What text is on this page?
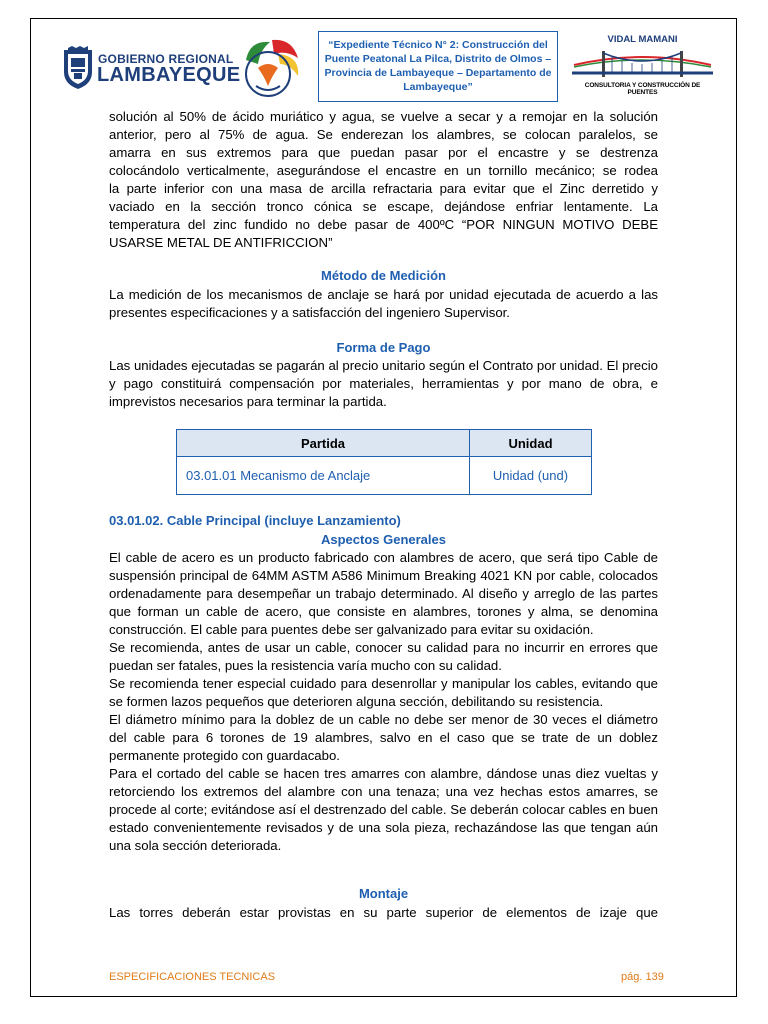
GOBIERNO REGIONAL
LAMBAYEQUE
“Expediente Técnico N° 2: Construcción del Puente Peatonal La Pilca, Distrito de Olmos – Provincia de Lambayeque – Departamento de Lambayeque”
VIDAL MAMANI
CONSULTORIA Y CONSTRUCCIÓN DE PUENTES
solución al 50% de ácido muriático y agua, se vuelve a secar y a remojar en la solución
anterior, pero al 75% de agua. Se enderezan los alambres, se colocan paralelos, se
amarra en sus extremos para que puedan pasar por el encastre y se destrenza
colocándolo verticalmente, asegurándose el encastre en un tornillo mecánico; se rodea
la parte inferior con una masa de arcilla refractaria para evitar que el Zinc derretido y
vaciado en la sección tronco cónica se escape, dejándose enfriar lentamente. La
temperatura del zinc fundido no debe pasar de 400ºC “POR NINGUN MOTIVO DEBE
USARSE METAL DE ANTIFRICCION”
Método de Medición
La medición de los mecanismos de anclaje se hará por unidad ejecutada de acuerdo a las presentes especificaciones y a satisfacción del ingeniero Supervisor.
Forma de Pago
Las unidades ejecutadas se pagarán al precio unitario según el Contrato por unidad. El precio y pago constituirá compensación por materiales, herramientas y por mano de obra, e imprevistos necesarios para terminar la partida.
Partida	Unidad
03.01.01 Mecanismo de Anclaje	Unidad (und)
03.01.02. Cable Principal (incluye Lanzamiento)
Aspectos Generales
El cable de acero es un producto fabricado con alambres de acero, que será tipo Cable de suspensión principal de 64MM ASTM A586 Minimum Breaking 4021 KN por cable, colocados ordenadamente para desempeñar un trabajo determinado. Al diseño y arreglo de las partes que forman un cable de acero, que consiste en alambres, torones y alma, se denomina construcción. El cable para puentes debe ser galvanizado para evitar su oxidación.
Se recomienda, antes de usar un cable, conocer su calidad para no incurrir en errores que puedan ser fatales, pues la resistencia varía mucho con su calidad.
Se recomienda tener especial cuidado para desenrollar y manipular los cables, evitando que se formen lazos pequeños que deterioren alguna sección, debilitando su resistencia.
El diámetro mínimo para la doblez de un cable no debe ser menor de 30 veces el diámetro del cable para 6 torones de 19 alambres, salvo en el caso que se trate de un doblez permanente protegido con guardacabo.
Para el cortado del cable se hacen tres amarres con alambre, dándose unas diez vueltas y retorciendo los extremos del alambre con una tenaza; una vez hechas estos amarres, se procede al corte; evitándose así el destrenzado del cable. Se deberán colocar cables en buen estado convenientemente revisados y de una sola pieza, rechazándose las que tengan aún una sola sección deteriorada.
Montaje
Las torres deberán estar provistas en su parte superior de elementos de izaje que
ESPECIFICACIONES TECNICAS	pág. 139
